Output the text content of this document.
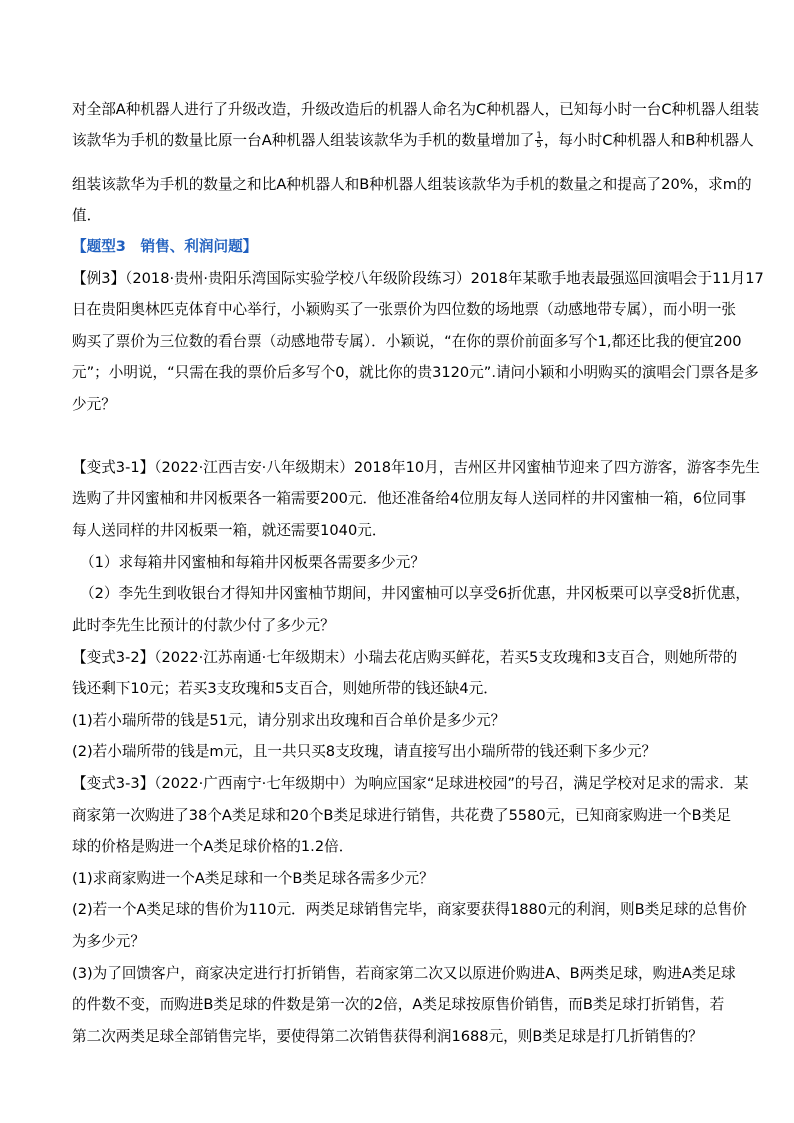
对全部A种机器人进行了升级改造，升级改造后的机器人命名为C种机器人，已知每小时一台C种机器人组装
该款华为手机的数量比原一台A种机器人组装该款华为手机的数量增加了 $\frac{1}{5}$ ，每小时C种机器人和B种机器人
组装该款华为手机的数量之和比A种机器人和B种机器人组装该款华为手机的数量之和提高了20%，求m的
值．
【题型3　销售、利润问题】
【例3】（2018·贵州·贵阳乐湾国际实验学校八年级阶段练习）2018年某歌手地表最强巡回演唱会于11月17
日在贵阳奥林匹克体育中心举行，小颖购买了一张票价为四位数的场地票（动感地带专属），而小明一张
购买了票价为三位数的看台票（动感地带专属）．小颖说，“在你的票价前面多写个1,都还比我的便宜200
元”；小明说，“只需在我的票价后多写个0，就比你的贵3120元”.请问小颖和小明购买的演唱会门票各是多
少元？
【变式3-1】（2022·江西吉安·八年级期末）2018年10月，吉州区井冈蜜柚节迎来了四方游客，游客李先生
选购了井冈蜜柚和井冈板栗各一箱需要200元．他还准备给4位朋友每人送同样的井冈蜜柚一箱，6位同事
每人送同样的井冈板栗一箱，就还需要1040元．
（1）求每箱井冈蜜柚和每箱井冈板栗各需要多少元？
（2）李先生到收银台才得知井冈蜜柚节期间，井冈蜜柚可以享受6折优惠，井冈板栗可以享受8折优惠，
此时李先生比预计的付款少付了多少元？
【变式3-2】（2022·江苏南通·七年级期末）小瑞去花店购买鲜花，若买5支玫瑰和3支百合，则她所带的
钱还剩下10元；若买3支玫瑰和5支百合，则她所带的钱还缺4元．
(1)若小瑞所带的钱是51元，请分别求出玫瑰和百合单价是多少元？
(2)若小瑞所带的钱是m元，且一共只买8支玫瑰，请直接写出小瑞所带的钱还剩下多少元？
【变式3-3】（2022·广西南宁·七年级期中）为响应国家“足球进校园”的号召，满足学校对足求的需求．某
商家第一次购进了38个A类足球和20个B类足球进行销售，共花费了5580元，已知商家购进一个B类足
球的价格是购进一个A类足球价格的1.2倍．
(1)求商家购进一个A类足球和一个B类足球各需多少元？
(2)若一个A类足球的售价为110元．两类足球销售完毕，商家要获得1880元的利润，则B类足球的总售价
为多少元？
(3)为了回馈客户，商家决定进行打折销售，若商家第二次又以原进价购进A、B两类足球，购进A类足球
的件数不变，而购进B类足球的件数是第一次的2倍，A类足球按原售价销售，而B类足球打折销售，若
第二次两类足球全部销售完毕，要使得第二次销售获得利润1688元，则B类足球是打几折销售的？
